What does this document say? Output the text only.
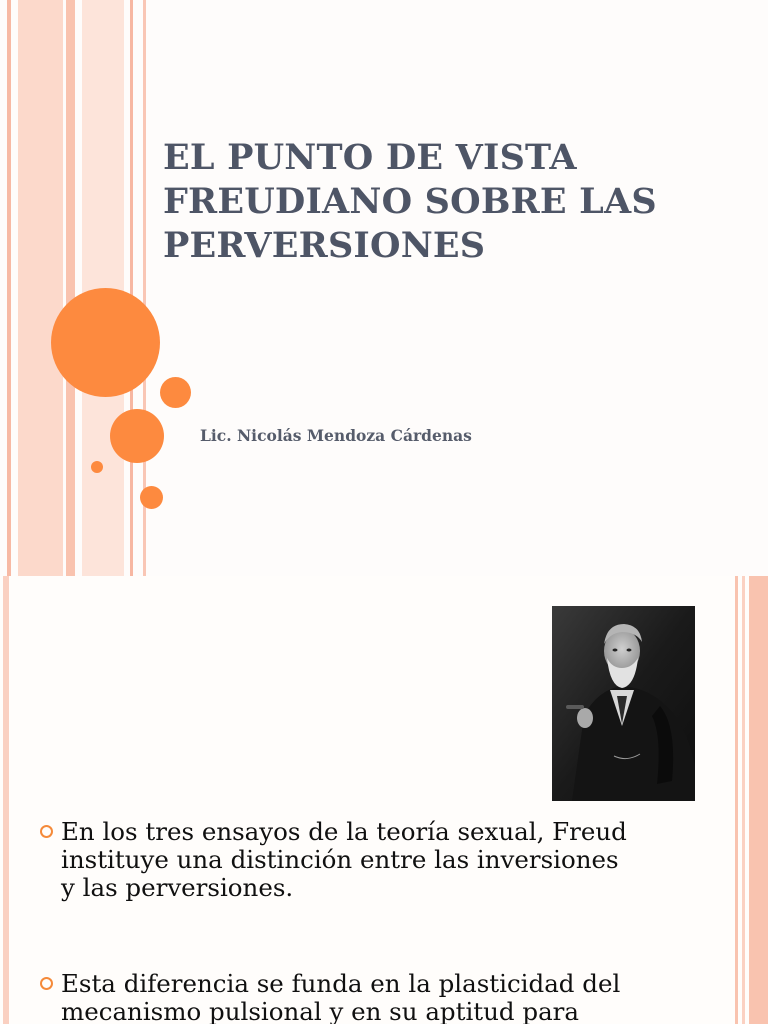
EL PUNTO DE VISTA
FREUDIANO SOBRE LAS
PERVERSIONES
Lic. Nicolás Mendoza Cárdenas
En los tres ensayos de la teoría sexual, Freud
instituye una distinción entre las inversiones
y las perversiones.
Esta diferencia se funda en la plasticidad del
mecanismo pulsional y en su aptitud para
